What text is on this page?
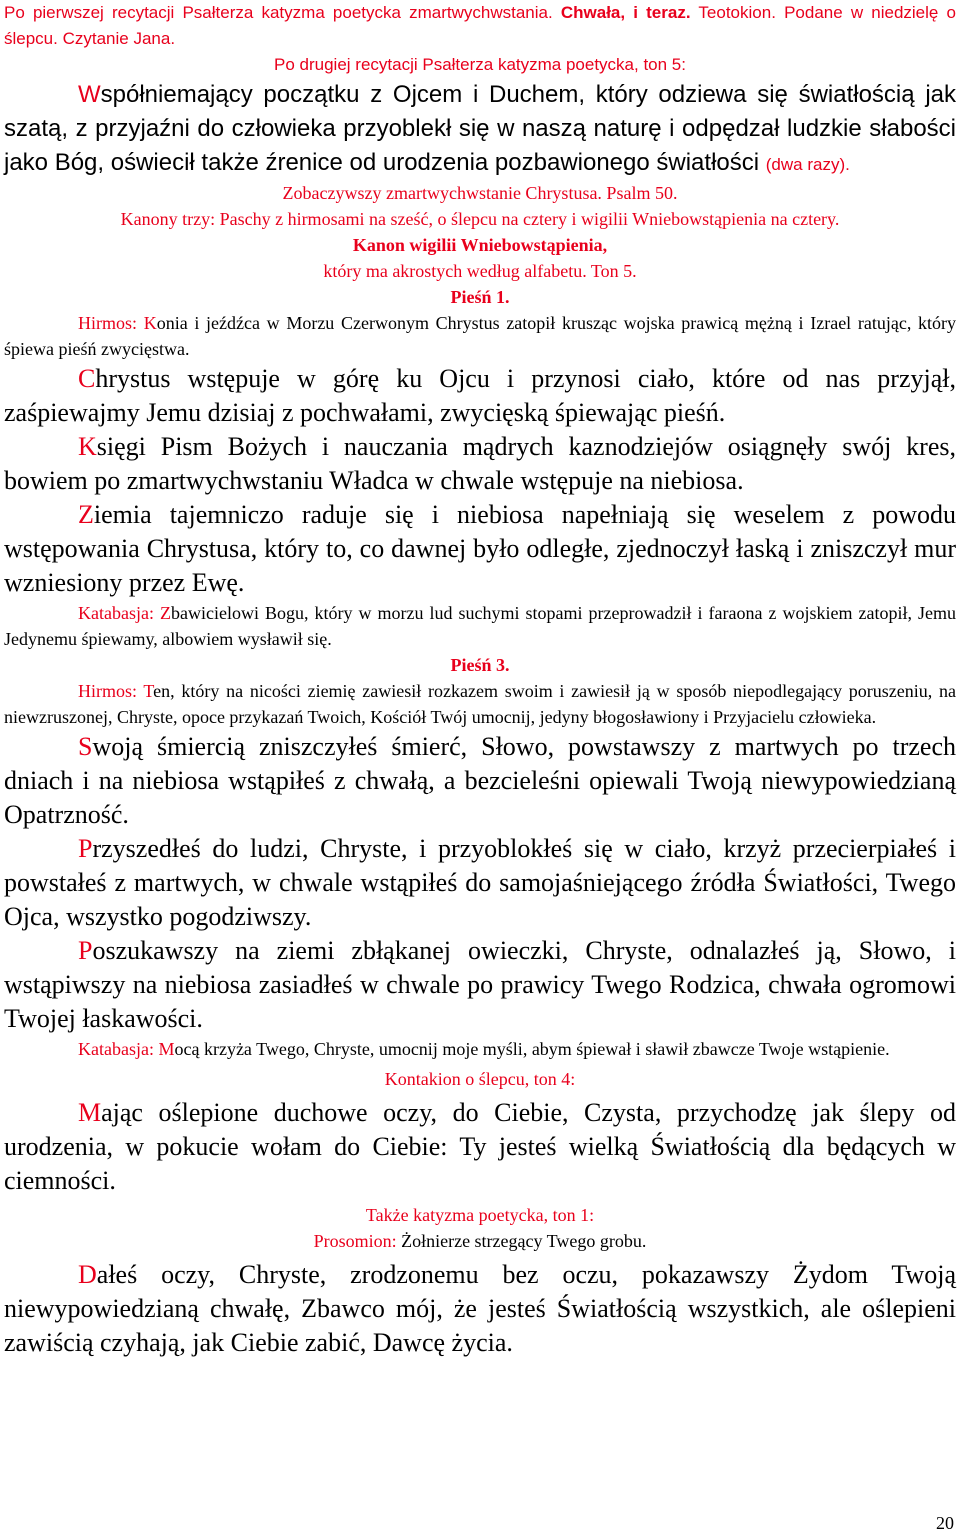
Po pierwszej recytacji Psałterza katyzma poetycka zmartwychwstania. Chwała, i teraz. Teotokion. Podane w niedzielę o ślepcu. Czytanie Jana.

Po drugiej recytacji Psałterza katyzma poetycka, ton 5:

Współniemający początku z Ojcem i Duchem, który odziewa się światłością jak szatą, z przyjaźni do człowieka przyoblekł się w naszą naturę i odpędzał ludzkie słabości jako Bóg, oświecił także źrenice od urodzenia pozbawionego światłości (dwa razy).

Zobaczywszy zmartwychwstanie Chrystusa. Psalm 50.

Kanony trzy: Paschy z hirmosami na sześć, o ślepcu na cztery i wigilii Wniebowstąpienia na cztery.

Kanon wigilii Wniebowstąpienia,

który ma akrostych według alfabetu. Ton 5.

Pieśń 1.

Hirmos: Konia i jeźdźca w Morzu Czerwonym Chrystus zatopił krusząc wojska prawicą mężną i Izrael ratując, który śpiewa pieśń zwycięstwa.

Chrystus wstępuje w górę ku Ojcu i przynosi ciało, które od nas przyjął, zaśpiewajmy Jemu dzisiaj z pochwałami, zwycięską śpiewając pieśń.

Księgi Pism Bożych i nauczania mądrych kaznodziejów osiągnęły swój kres, bowiem po zmartwychwstaniu Władca w chwale wstępuje na niebiosa.

Ziemia tajemniczo raduje się i niebiosa napełniają się weselem z powodu wstępowania Chrystusa, który to, co dawnej było odległe, zjednoczył łaską i zniszczył mur wzniesiony przez Ewę.

Katabasja: Zbawicielowi Bogu, który w morzu lud suchymi stopami przeprowadził i faraona z wojskiem zatopił, Jemu Jedynemu śpiewamy, albowiem wysławił się.

Pieśń 3.

Hirmos: Ten, który na nicości ziemię zawiesił rozkazem swoim i zawiesił ją w sposób niepodlegający poruszeniu, na niewzruszonej, Chryste, opoce przykazań Twoich, Kościół Twój umocnij, jedyny błogosławiony i Przyjacielu człowieka.

Swoją śmiercią zniszczyłeś śmierć, Słowo, powstawszy z martwych po trzech dniach i na niebiosa wstąpiłeś z chwałą, a bezcieleśni opiewali Twoją niewypowiedzianą Opatrzność.

Przyszedłeś do ludzi, Chryste, i przyoblokłeś się w ciało, krzyż przecierpiałeś i powstałeś z martwych, w chwale wstąpiłeś do samojaśniejącego źródła Światłości, Twego Ojca, wszystko pogodziwszy.

Poszukawszy na ziemi zbłąkanej owieczki, Chryste, odnalazłeś ją, Słowo, i wstąpiwszy na niebiosa zasiadłeś w chwale po prawicy Twego Rodzica, chwała ogromowi Twojej łaskawości.

Katabasja: Mocą krzyża Twego, Chryste, umocnij moje myśli, abym śpiewał i sławił zbawcze Twoje wstąpienie.

Kontakion o ślepcu, ton 4:

Mając oślepione duchowe oczy, do Ciebie, Czysta, przychodzę jak ślepy od urodzenia, w pokucie wołam do Ciebie: Ty jesteś wielką Światłością dla będących w ciemności.

Także katyzma poetycka, ton 1:

Prosomion: Żołnierze strzegący Twego grobu.

Dałeś oczy, Chryste, zrodzonemu bez oczu, pokazawszy Żydom Twoją niewypowiedzianą chwałę, Zbawco mój, że jesteś Światłością wszystkich, ale oślepieni zawiścią czyhają, jak Ciebie zabić, Dawcę życia.

20
